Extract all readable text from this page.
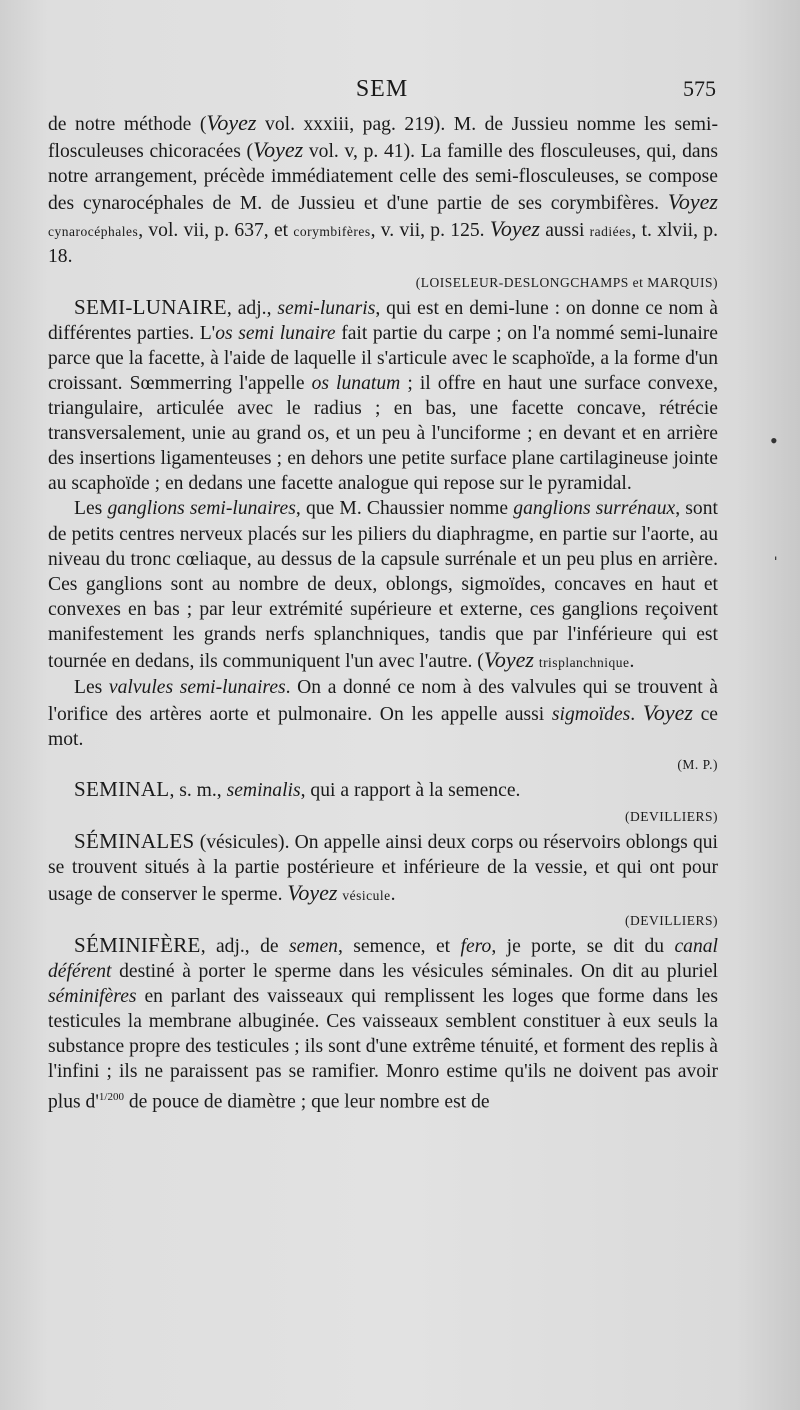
SEM	575

de notre méthode (Voyez vol. xxxiii, pag. 219). M. de Jussieu nomme les semi-flosculeuses chicoracées (Voyez vol. v, p. 41). La famille des flosculeuses, qui, dans notre arrangement, précède immédiatement celle des semi-flosculeuses, se compose des cynarocéphales de M. de Jussieu et d'une partie de ses corymbifères. Voyez cynarocéphales, vol. vii, p. 637, et corymbifères, v. vii, p. 125. Voyez aussi radiées, t. xlvii, p. 18.

(LOISELEUR-DESLONGCHAMPS et MARQUIS)

SEMI-LUNAIRE, adj., semi-lunaris, qui est en demi-lune : on donne ce nom à différentes parties. L'os semi lunaire fait partie du carpe ; on l'a nommé semi-lunaire parce que la facette, à l'aide de laquelle il s'articule avec le scaphoïde, a la forme d'un croissant. Sœmmerring l'appelle os lunatum ; il offre en haut une surface convexe, triangulaire, articulée avec le radius ; en bas, une facette concave, rétrécie transversalement, unie au grand os, et un peu à l'unciforme ; en devant et en arrière des insertions ligamenteuses ; en dehors une petite surface plane cartilagineuse jointe au scaphoïde ; en dedans une facette analogue qui repose sur le pyramidal.

Les ganglions semi-lunaires, que M. Chaussier nomme ganglions surrénaux, sont de petits centres nerveux placés sur les piliers du diaphragme, en partie sur l'aorte, au niveau du tronc cœliaque, au dessus de la capsule surrénale et un peu plus en arrière. Ces ganglions sont au nombre de deux, oblongs, sigmoïdes, concaves en haut et convexes en bas ; par leur extrémité supérieure et externe, ces ganglions reçoivent manifestement les grands nerfs splanchniques, tandis que par l'inférieure qui est tournée en dedans, ils communiquent l'un avec l'autre. (Voyez trisplanchnique.

Les valvules semi-lunaires. On a donné ce nom à des valvules qui se trouvent à l'orifice des artères aorte et pulmonaire. On les appelle aussi sigmoïdes. Voyez ce mot.

(M. P.)

SEMINAL, s. m., seminalis, qui a rapport à la semence.

(DEVILLIERS)

SÉMINALES (vésicules). On appelle ainsi deux corps ou réservoirs oblongs qui se trouvent situés à la partie postérieure et inférieure de la vessie, et qui ont pour usage de conserver le sperme. Voyez vésicule.

(DEVILLIERS)

SÉMINIFÈRE, adj., de semen, semence, et fero, je porte, se dit du canal déférent destiné à porter le sperme dans les vésicules séminales. On dit au pluriel séminifères en parlant des vaisseaux qui remplissent les loges que forme dans les testicules la membrane albuginée. Ces vaisseaux semblent constituer à eux seuls la substance propre des testicules ; ils sont d'une extrême ténuité, et forment des replis à l'infini ; ils ne paraissent pas se ramifier. Monro estime qu'ils ne doivent pas avoir plus $d'^{1/200}$ de pouce de diamètre ; que leur nombre est de

•
ˈ
